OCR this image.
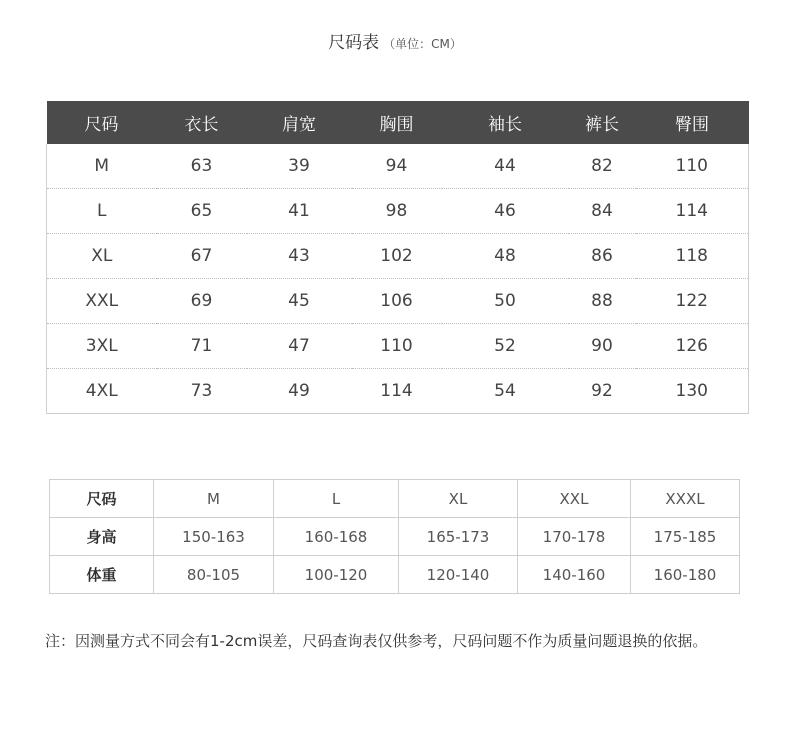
尺码表 （单位：CM）
尺码	衣长	肩宽	胸围	袖长	裤长	臀围
M	63	39	94	44	82	110
L	65	41	98	46	84	114
XL	67	43	102	48	86	118
XXL	69	45	106	50	88	122
3XL	71	47	110	52	90	126
4XL	73	49	114	54	92	130
尺码	M	L	XL	XXL	XXXL
身高	150-163	160-168	165-173	170-178	175-185
体重	80-105	100-120	120-140	140-160	160-180
注：因测量方式不同会有1-2cm误差，尺码查询表仅供参考，尺码问题不作为质量问题退换的依据。
